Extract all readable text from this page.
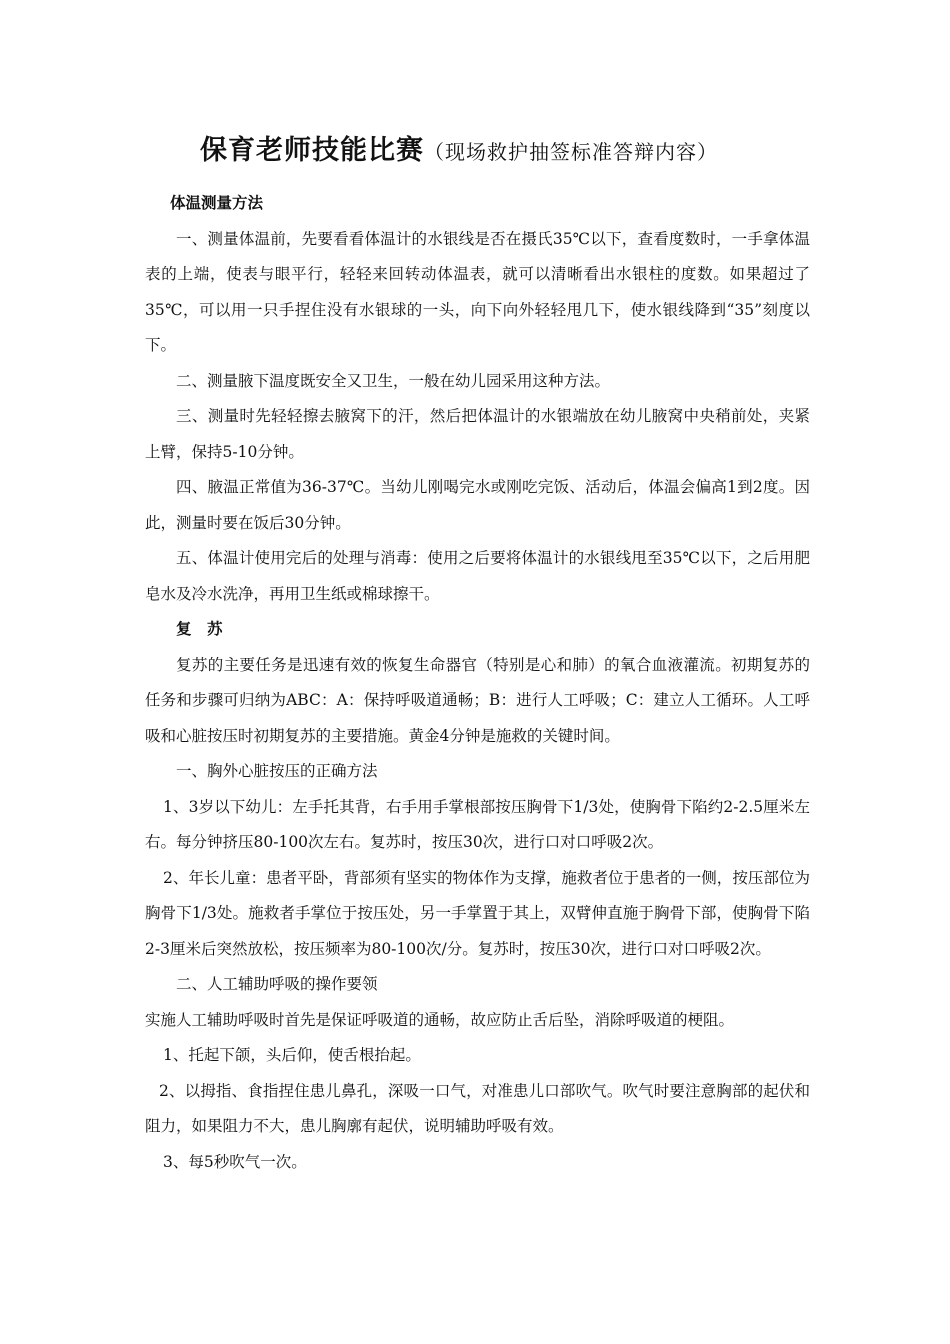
保育老师技能比赛（现场救护抽签标准答辩内容）

体温测量方法

一、测量体温前，先要看看体温计的水银线是否在摄氏35℃以下，查看度数时，一手拿体温表的上端，使表与眼平行，轻轻来回转动体温表，就可以清晰看出水银柱的度数。如果超过了35℃，可以用一只手捏住没有水银球的一头，向下向外轻轻甩几下，使水银线降到“35”刻度以下。

二、测量腋下温度既安全又卫生，一般在幼儿园采用这种方法。

三、测量时先轻轻擦去腋窝下的汗，然后把体温计的水银端放在幼儿腋窝中央稍前处，夹紧上臂，保持5-10分钟。

四、腋温正常值为36-37℃。当幼儿刚喝完水或刚吃完饭、活动后，体温会偏高1到2度。因此，测量时要在饭后30分钟。

五、体温计使用完后的处理与消毒：使用之后要将体温计的水银线甩至35℃以下，之后用肥皂水及冷水洗净，再用卫生纸或棉球擦干。

复　苏

复苏的主要任务是迅速有效的恢复生命器官（特别是心和肺）的氧合血液灌流。初期复苏的任务和步骤可归纳为ABC：A：保持呼吸道通畅；B：进行人工呼吸；C：建立人工循环。人工呼吸和心脏按压时初期复苏的主要措施。黄金4分钟是施救的关键时间。

一、胸外心脏按压的正确方法

1、3岁以下幼儿：左手托其背，右手用手掌根部按压胸骨下1/3处，使胸骨下陷约2-2.5厘米左右。每分钟挤压80-100次左右。复苏时，按压30次，进行口对口呼吸2次。

2、年长儿童：患者平卧，背部须有坚实的物体作为支撑，施救者位于患者的一侧，按压部位为胸骨下1/3处。施救者手掌位于按压处，另一手掌置于其上，双臂伸直施于胸骨下部，使胸骨下陷2-3厘米后突然放松，按压频率为80-100次/分。复苏时，按压30次，进行口对口呼吸2次。

二、人工辅助呼吸的操作要领

实施人工辅助呼吸时首先是保证呼吸道的通畅，故应防止舌后坠，消除呼吸道的梗阻。

1、托起下颌，头后仰，使舌根抬起。

2、以拇指、食指捏住患儿鼻孔，深吸一口气，对准患儿口部吹气。吹气时要注意胸部的起伏和阻力，如果阻力不大，患儿胸廓有起伏，说明辅助呼吸有效。

3、每5秒吹气一次。
